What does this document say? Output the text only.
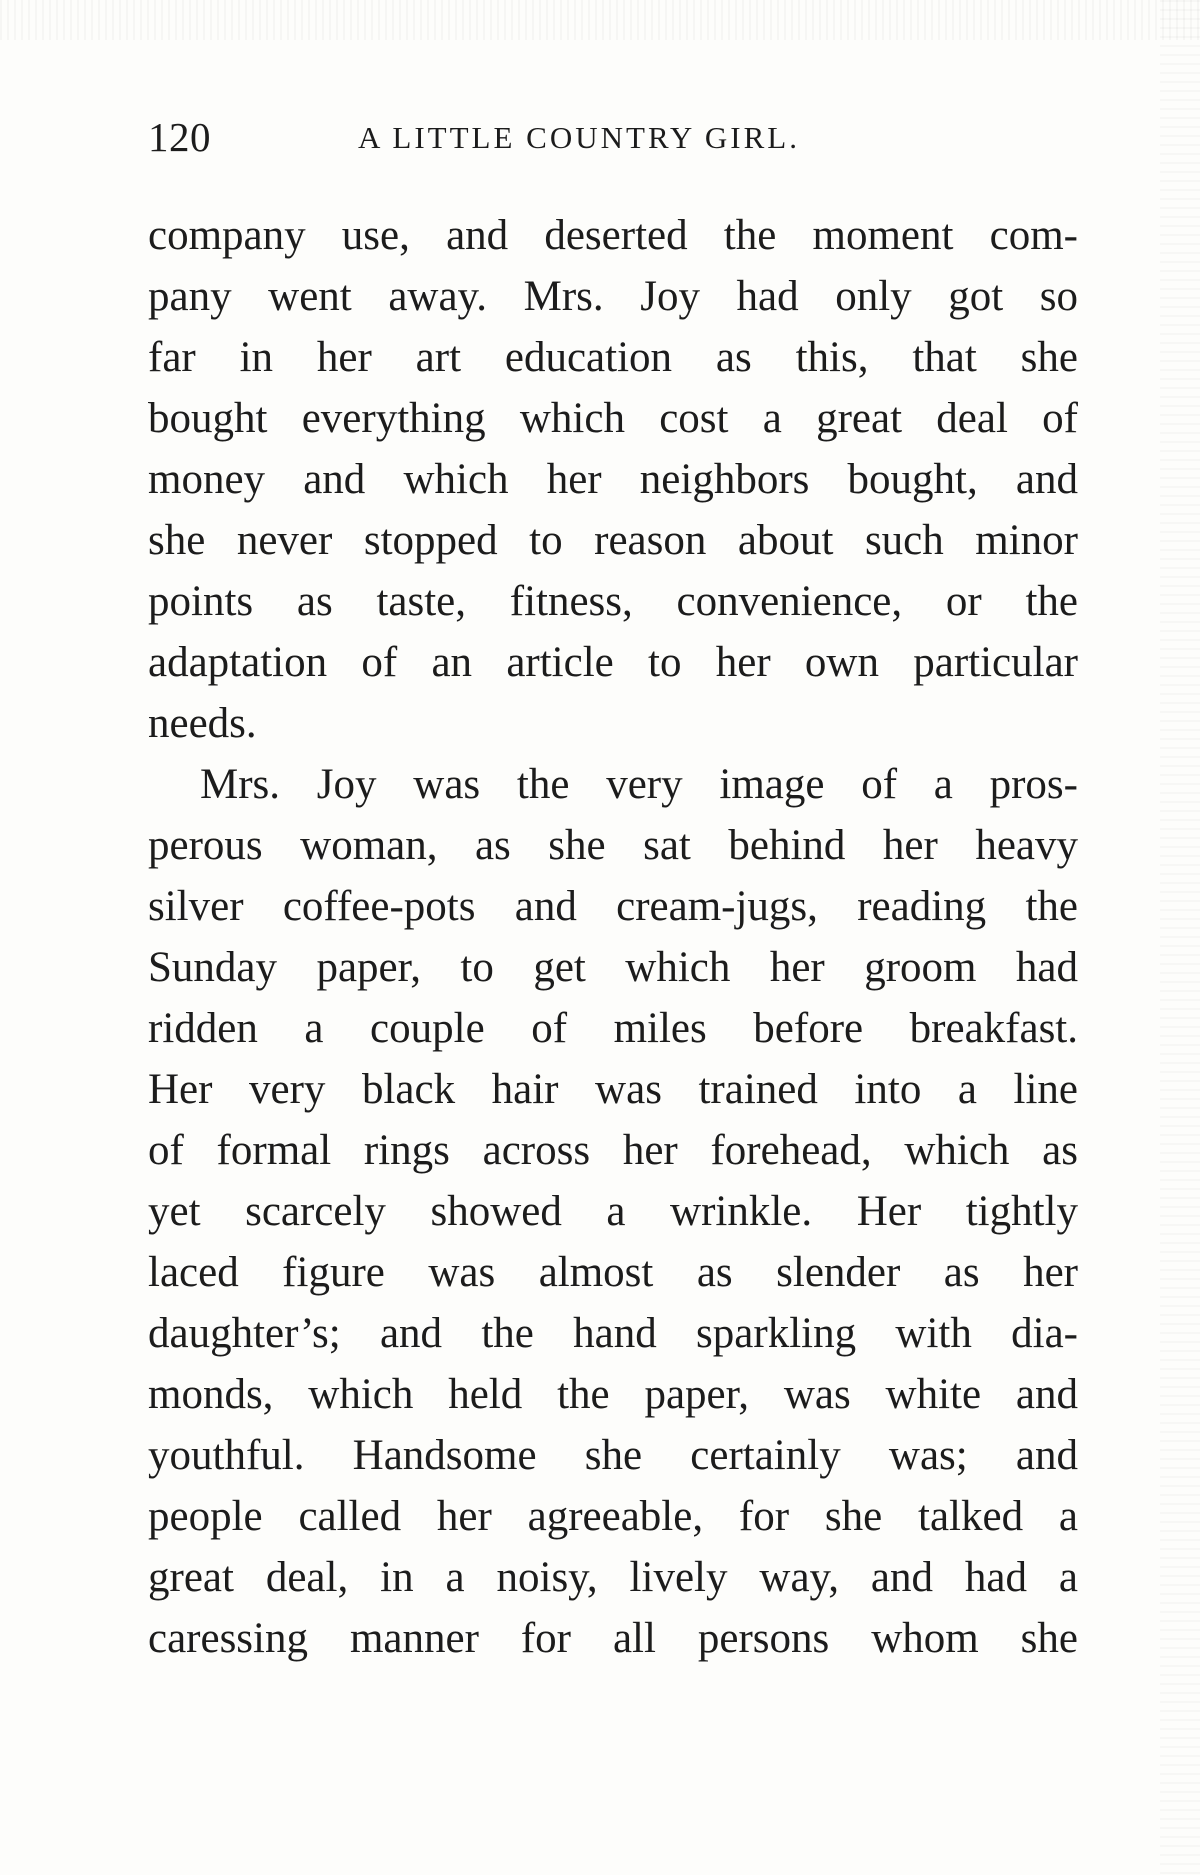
120	A LITTLE COUNTRY GIRL.
company use, and deserted the moment com-
pany went away. Mrs. Joy had only got so
far in her art education as this, that she
bought everything which cost a great deal of
money and which her neighbors bought, and
she never stopped to reason about such minor
points as taste, fitness, convenience, or the
adaptation of an article to her own particular
needs.
Mrs. Joy was the very image of a pros-
perous woman, as she sat behind her heavy
silver coffee-pots and cream-jugs, reading the
Sunday paper, to get which her groom had
ridden a couple of miles before breakfast.
Her very black hair was trained into a line
of formal rings across her forehead, which as
yet scarcely showed a wrinkle. Her tightly
laced figure was almost as slender as her
daughter’s; and the hand sparkling with dia-
monds, which held the paper, was white and
youthful. Handsome she certainly was; and
people called her agreeable, for she talked a
great deal, in a noisy, lively way, and had a
caressing manner for all persons whom she
